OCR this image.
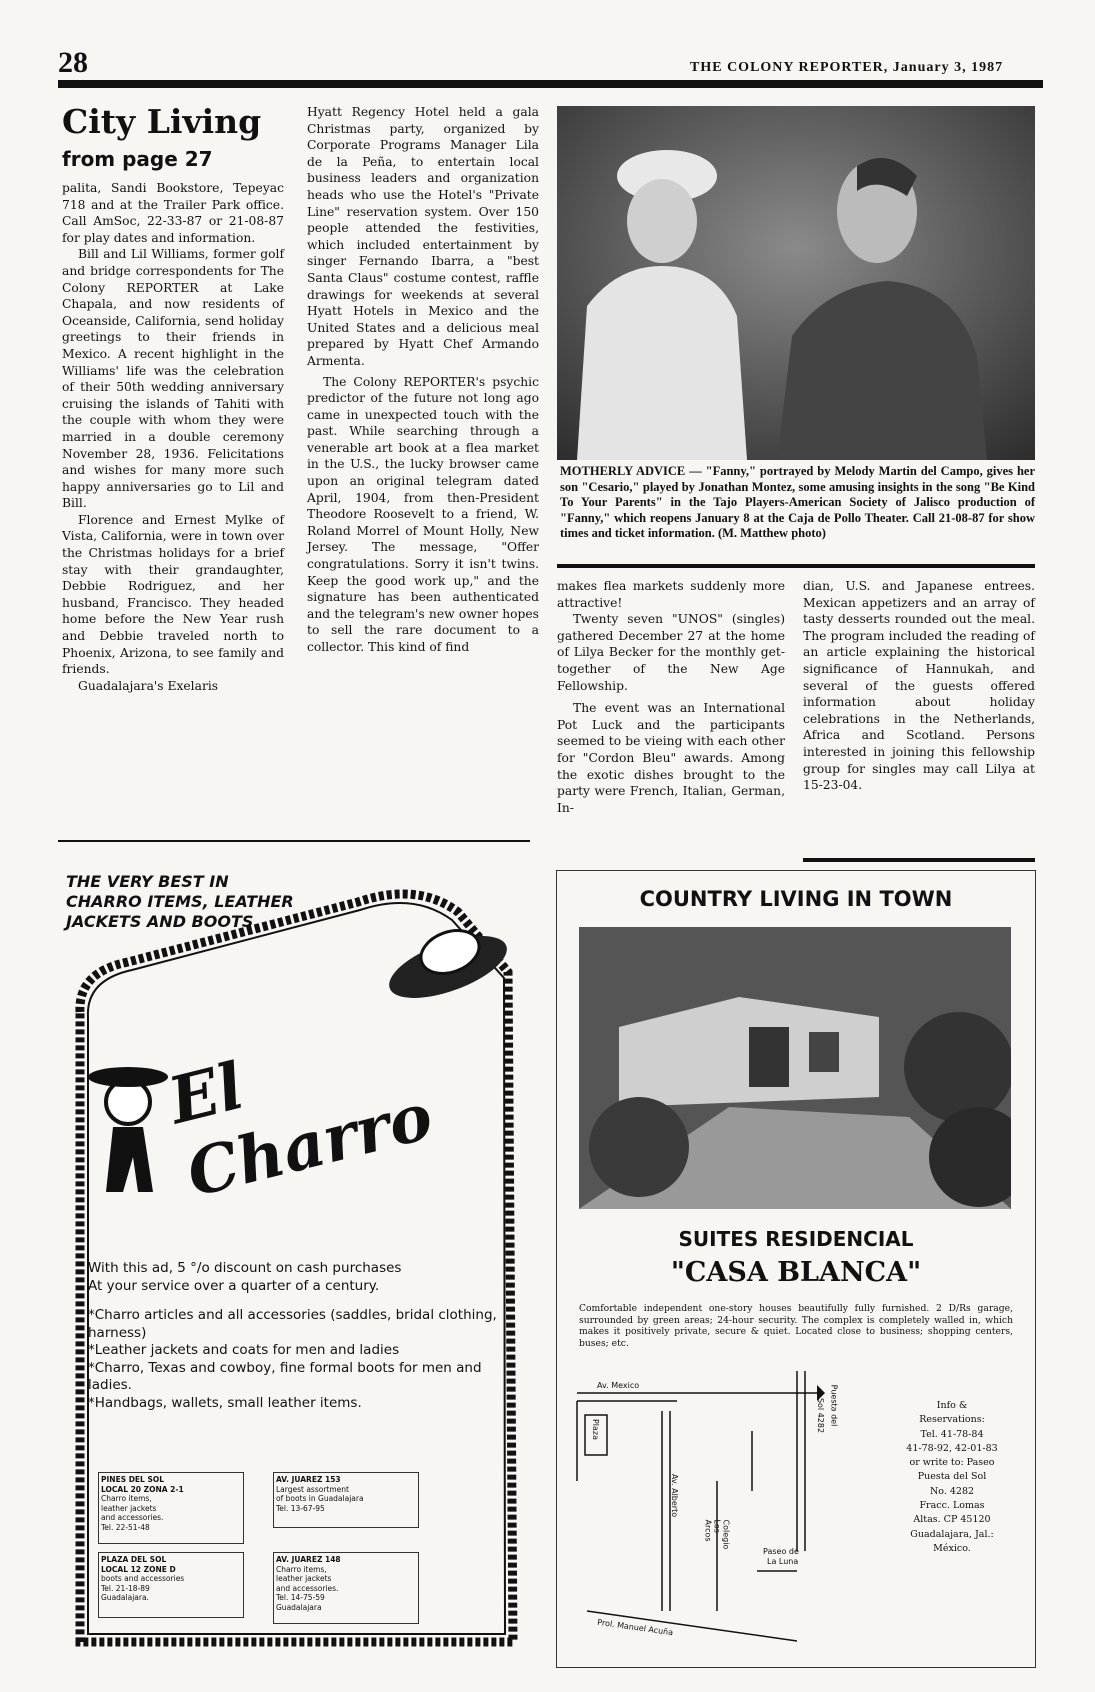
28	THE COLONY REPORTER, January 3, 1987
City Living
from page 27

palita, Sandi Bookstore, Tepeyac 718 and at the Trailer Park office. Call AmSoc, 22-33-87 or 21-08-87 for play dates and information.

Bill and Lil Williams, former golf and bridge correspondents for The Colony REPORTER at Lake Chapala, and now residents of Oceanside, California, send holiday greetings to their friends in Mexico. A recent highlight in the Williams' life was the celebration of their 50th wedding anniversary cruising the islands of Tahiti with the couple with whom they were married in a double ceremony November 28, 1936. Felicitations and wishes for many more such happy anniversaries go to Lil and Bill.

Florence and Ernest Mylke of Vista, California, were in town over the Christmas holidays for a brief stay with their grandaughter, Debbie Rodriguez, and her husband, Francisco. They headed home before the New Year rush and Debbie traveled north to Phoenix, Arizona, to see family and friends.

Guadalajara's Exelaris

Hyatt Regency Hotel held a gala Christmas party, organized by Corporate Programs Manager Lila de la Peña, to entertain local business leaders and organization heads who use the Hotel's "Private Line" reservation system. Over 150 people attended the festivities, which included entertainment by singer Fernando Ibarra, a "best Santa Claus" costume contest, raffle drawings for weekends at several Hyatt Hotels in Mexico and the United States and a delicious meal prepared by Hyatt Chef Armando Armenta.

The Colony REPORTER's psychic predictor of the future not long ago came in unexpected touch with the past. While searching through a venerable art book at a flea market in the U.S., the lucky browser came upon an original telegram dated April, 1904, from then-President Theodore Roosevelt to a friend, W. Roland Morrel of Mount Holly, New Jersey. The message, "Offer congratulations. Sorry it isn't twins. Keep the good work up," and the signature has been authenticated and the telegram's new owner hopes to sell the rare document to a collector. This kind of find

MOTHERLY ADVICE — "Fanny," portrayed by Melody Martin del Campo, gives her son "Cesario," played by Jonathan Montez, some amusing insights in the song "Be Kind To Your Parents" in the Tajo Players-American Society of Jalisco production of "Fanny," which reopens January 8 at the Caja de Pollo Theater. Call 21-08-87 for show times and ticket information. (M. Matthew photo)

makes flea markets suddenly more attractive!

Twenty seven "UNOS" (singles) gathered December 27 at the home of Lilya Becker for the monthly get-together of the New Age Fellowship.

The event was an International Pot Luck and the participants seemed to be vieing with each other for "Cordon Bleu" awards. Among the exotic dishes brought to the party were French, Italian, German, In-

dian, U.S. and Japanese entrees. Mexican appetizers and an array of tasty desserts rounded out the meal. The program included the reading of an article explaining the historical significance of Hannukah, and several of the guests offered information about holiday celebrations in the Netherlands, Africa and Scotland. Persons interested in joining this fellowship group for singles may call Lilya at 15-23-04.

THE VERY BEST IN CHARRO ITEMS, LEATHER JACKETS AND BOOTS
El Charro
With this ad, 5 °/o discount on cash purchases
At your service over a quarter of a century.
*Charro articles and all accessories (saddles, bridal clothing, harness)
*Leather jackets and coats for men and ladies
*Charro, Texas and cowboy, fine formal boots for men and ladies.
*Handbags, wallets, small leather items.
PINES DEL SOL
LOCAL 20 ZONA 2-1
Charro items,
leather jackets
and accessories.
Tel. 22-51-48
AV. JUAREZ 153
Largest assortment
of boots in Guadalajara
Tel. 13-67-95
PLAZA DEL SOL
LOCAL 12 ZONE D
boots and accessories
Tel. 21-18-89
Guadalajara.
AV. JUAREZ 148
Charro items,
leather jackets
and accessories.
Tel. 14-75-59
Guadalajara
COUNTRY LIVING IN TOWN
SUITES RESIDENCIAL
"CASA BLANCA"
Comfortable independent one-story houses beautifully fully furnished. 2 D/Rs garage, surrounded by green areas; 24-hour security. The complex is completely walled in, which makes it positively private, secure & quiet. Located close to business; shopping centers, buses; etc.
Av. Mexico
Plaza
Av. Alberto
Colegio Los Arcos
Sol 4282 Puesta del
Paseo de
La Luna
Prol. Manuel Acuña
Info &
Reservations:
Tel. 41-78-84
41-78-92, 42-01-83
or write to: Paseo
Puesta del Sol
No. 4282
Fracc. Lomas
Altas. CP 45120
Guadalajara, Jal.:
México.
